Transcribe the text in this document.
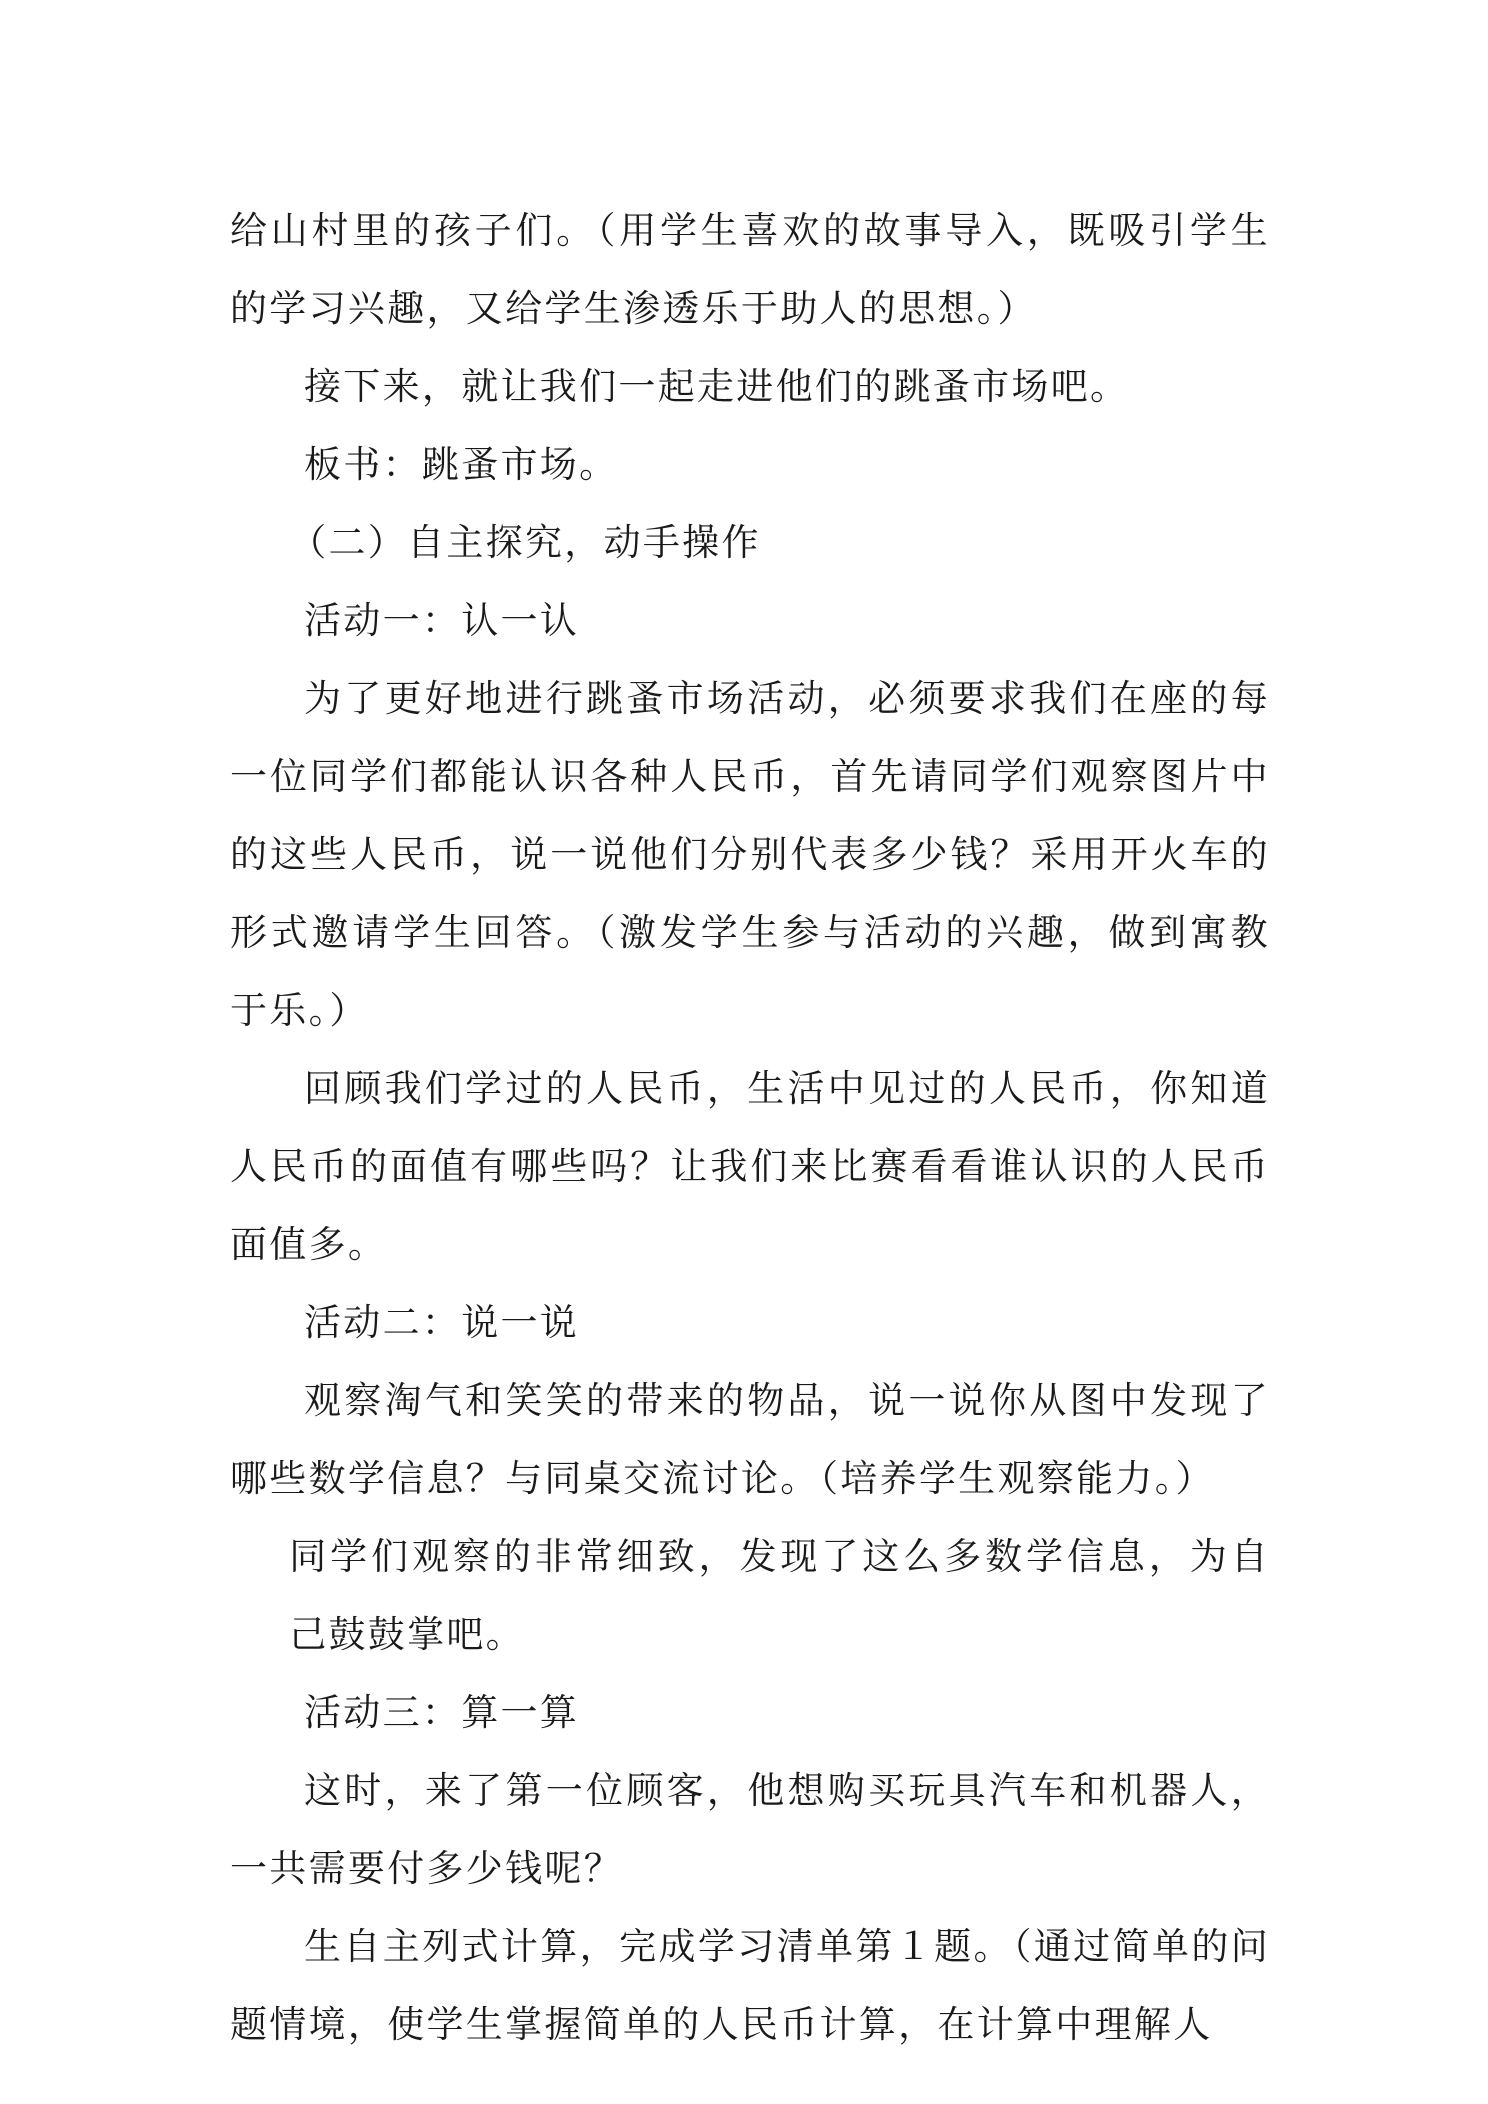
给山村里的孩子们。（用学生喜欢的故事导入，既吸引学生的学习兴趣，又给学生渗透乐于助人的思想。）

接下来，就让我们一起走进他们的跳蚤市场吧。

板书：跳蚤市场。

（二）自主探究，动手操作

活动一：认一认

为了更好地进行跳蚤市场活动，必须要求我们在座的每一位同学们都能认识各种人民币，首先请同学们观察图片中的这些人民币，说一说他们分别代表多少钱？采用开火车的形式邀请学生回答。（激发学生参与活动的兴趣，做到寓教于乐。）

回顾我们学过的人民币，生活中见过的人民币，你知道人民币的面值有哪些吗？让我们来比赛看看谁认识的人民币面值多。

活动二：说一说

观察淘气和笑笑的带来的物品，说一说你从图中发现了哪些数学信息？与同桌交流讨论。（培养学生观察能力。）

同学们观察的非常细致，发现了这么多数学信息，为自己鼓鼓掌吧。

活动三：算一算

这时，来了第一位顾客，他想购买玩具汽车和机器人，一共需要付多少钱呢？

生自主列式计算，完成学习清单第１题。（通过简单的问题情境，使学生掌握简单的人民币计算，在计算中理解人
